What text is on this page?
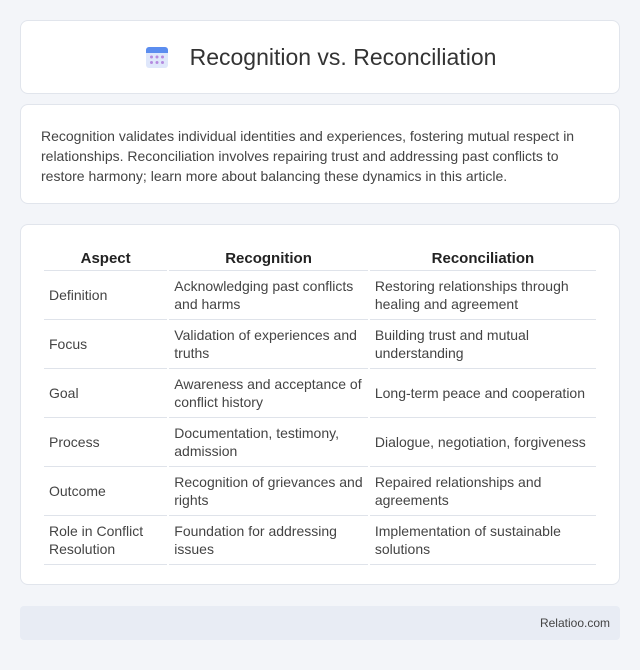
Recognition vs. Reconciliation

Recognition validates individual identities and experiences, fostering mutual respect in relationships. Reconciliation involves repairing trust and addressing past conflicts to restore harmony; learn more about balancing these dynamics in this article.

Aspect	Recognition	Reconciliation
Definition	Acknowledging past conflicts and harms	Restoring relationships through healing and agreement
Focus	Validation of experiences and truths	Building trust and mutual understanding
Goal	Awareness and acceptance of conflict history	Long-term peace and cooperation
Process	Documentation, testimony, admission	Dialogue, negotiation, forgiveness
Outcome	Recognition of grievances and rights	Repaired relationships and agreements
Role in Conflict Resolution	Foundation for addressing issues	Implementation of sustainable solutions
Relatioo.com
